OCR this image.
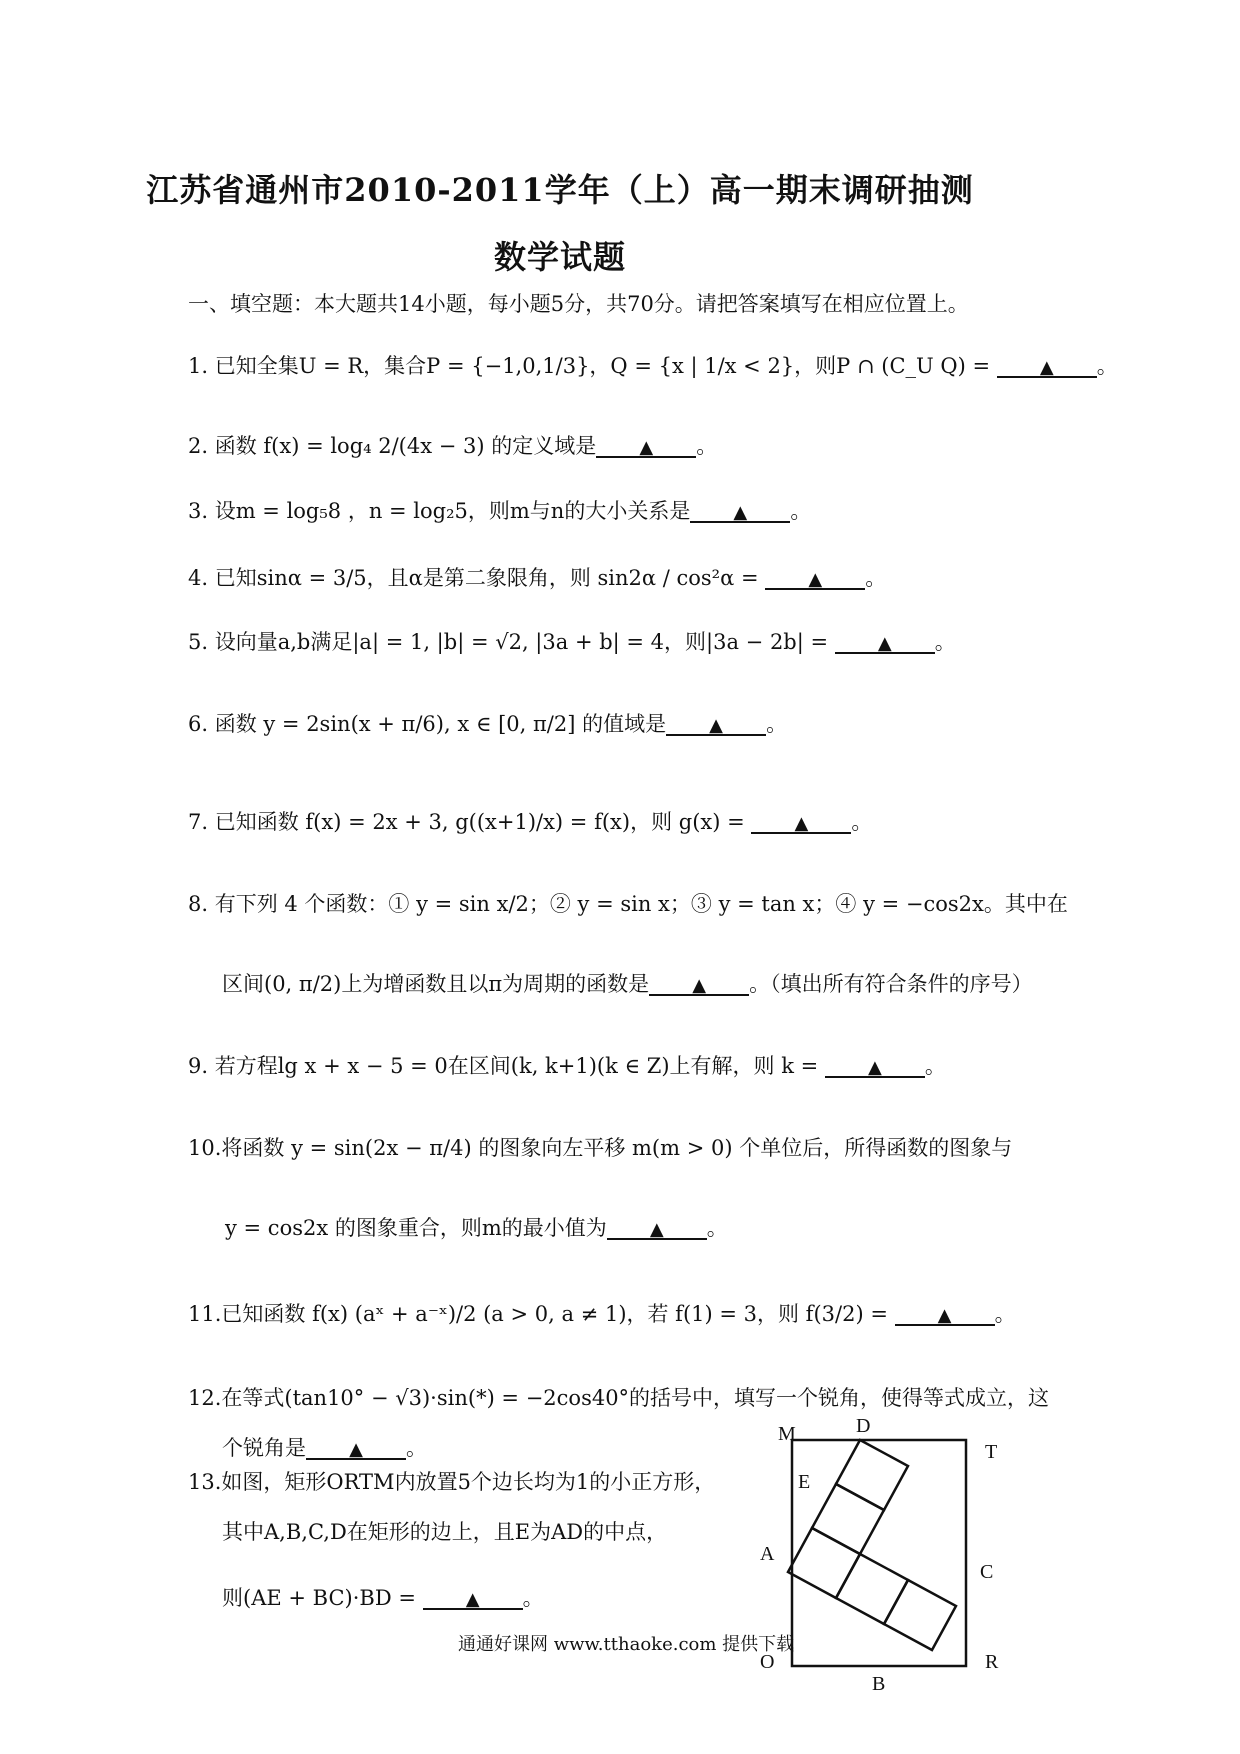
江苏省通州市2010-2011学年（上）高一期末调研抽测
数学试题
一、填空题：本大题共14小题，每小题5分，共70分。请把答案填写在相应位置上。
1. 已知全集U = R，集合P = {−1,0,1/3}，Q = {x | 1/x < 2}，则P ∩ (C_U Q) = ▲ 。
2. 函数 f(x) = log₄ 2/(4x − 3) 的定义域是 ▲ 。
3. 设m = log₅8 ，n = log₂5，则m与n的大小关系是 ▲ 。
4. 已知sinα = 3/5，且α是第二象限角，则 sin2α / cos²α = ▲ 。
5. 设向量a,b满足|a| = 1, |b| = √2, |3a + b| = 4，则|3a − 2b| = ▲ 。
6. 函数 y = 2sin(x + π/6), x ∈ [0, π/2] 的值域是 ▲ 。
7. 已知函数 f(x) = 2x + 3, g((x+1)/x) = f(x)，则 g(x) = ▲ 。
8. 有下列 4 个函数：① y = sin x/2；② y = sin x；③ y = tan x；④ y = −cos2x。其中在
区间(0, π/2)上为增函数且以π为周期的函数是 ▲ 。（填出所有符合条件的序号）
9. 若方程lg x + x − 5 = 0在区间(k, k+1)(k ∈ Z)上有解，则 k = ▲ 。
10.将函数 y = sin(2x − π/4) 的图象向左平移 m(m > 0) 个单位后，所得函数的图象与
y = cos2x 的图象重合，则m的最小值为 ▲ 。
11.已知函数 f(x) (aˣ + a⁻ˣ)/2 (a > 0, a ≠ 1)，若 f(1) = 3，则 f(3/2) = ▲ 。
12.在等式(tan10° − √3)·sin(*) = −2cos40°的括号中，填写一个锐角，使得等式成立，这
个锐角是 ▲ 。
13.如图，矩形ORTM内放置5个边长均为1的小正方形，
其中A,B,C,D在矩形的边上，且E为AD的中点，
则(AE + BC)·BD = ▲ 。
通通好课网 www.tthaoke.com 提供下载
M	D
T
E
A
C
O
B
R
